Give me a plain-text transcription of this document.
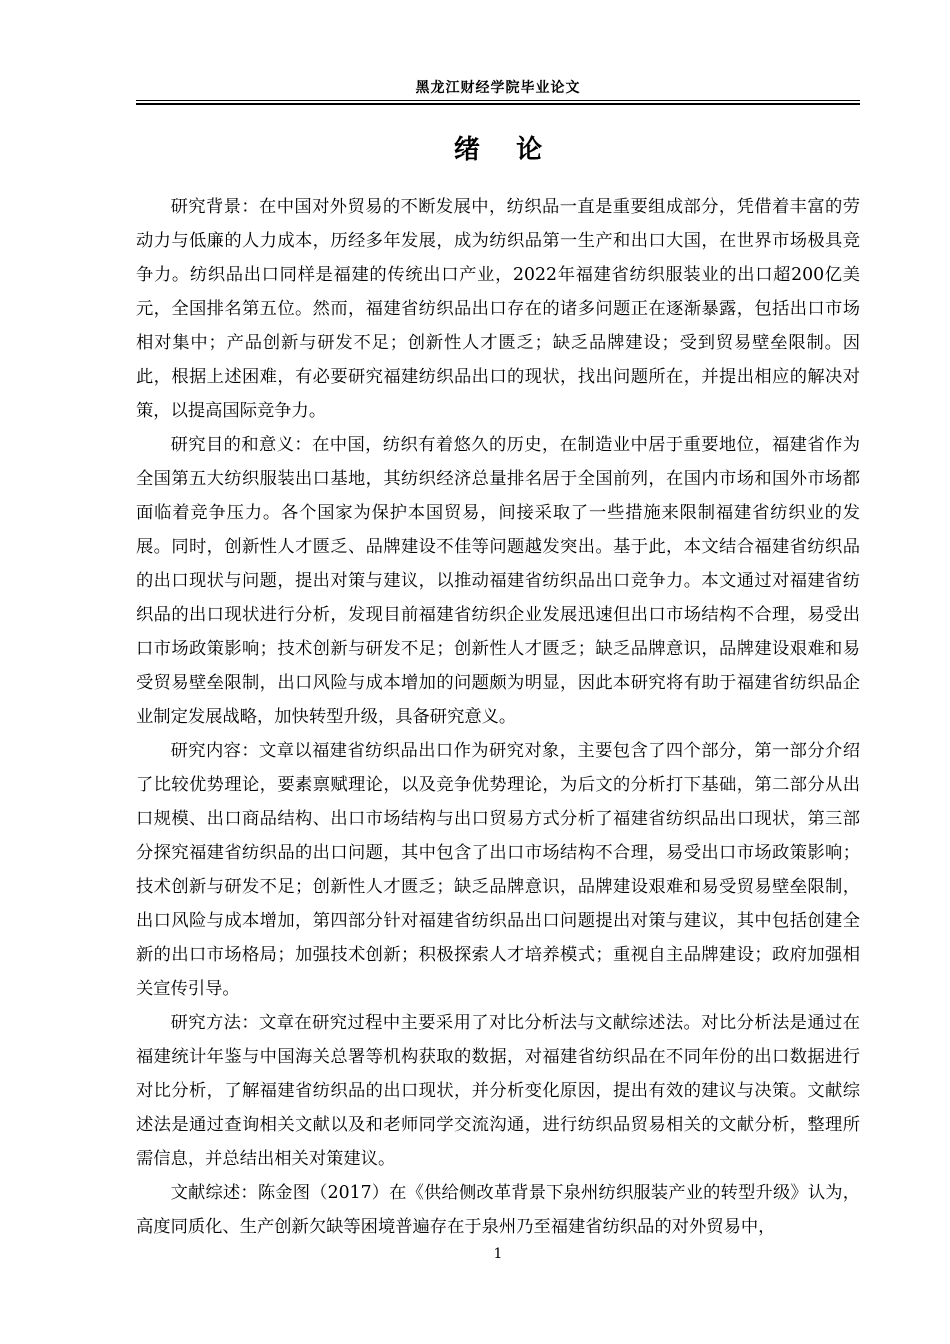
黑龙江财经学院毕业论文
绪    论

研究背景：在中国对外贸易的不断发展中，纺织品一直是重要组成部分，凭借着丰富的劳动力与低廉的人力成本，历经多年发展，成为纺织品第一生产和出口大国，在世界市场极具竞争力。纺织品出口同样是福建的传统出口产业，2022年福建省纺织服装业的出口超200亿美元，全国排名第五位。然而，福建省纺织品出口存在的诸多问题正在逐渐暴露，包括出口市场相对集中；产品创新与研发不足；创新性人才匮乏；缺乏品牌建设；受到贸易壁垒限制。因此，根据上述困难，有必要研究福建纺织品出口的现状，找出问题所在，并提出相应的解决对策，以提高国际竞争力。

研究目的和意义：在中国，纺织有着悠久的历史，在制造业中居于重要地位，福建省作为全国第五大纺织服装出口基地，其纺织经济总量排名居于全国前列，在国内市场和国外市场都面临着竞争压力。各个国家为保护本国贸易，间接采取了一些措施来限制福建省纺织业的发展。同时，创新性人才匮乏、品牌建设不佳等问题越发突出。基于此，本文结合福建省纺织品的出口现状与问题，提出对策与建议，以推动福建省纺织品出口竞争力。本文通过对福建省纺织品的出口现状进行分析，发现目前福建省纺织企业发展迅速但出口市场结构不合理，易受出口市场政策影响；技术创新与研发不足；创新性人才匮乏；缺乏品牌意识，品牌建设艰难和易受贸易壁垒限制，出口风险与成本增加的问题颇为明显，因此本研究将有助于福建省纺织品企业制定发展战略，加快转型升级，具备研究意义。

研究内容：文章以福建省纺织品出口作为研究对象，主要包含了四个部分，第一部分介绍了比较优势理论，要素禀赋理论，以及竞争优势理论，为后文的分析打下基础，第二部分从出口规模、出口商品结构、出口市场结构与出口贸易方式分析了福建省纺织品出口现状，第三部分探究福建省纺织品的出口问题，其中包含了出口市场结构不合理，易受出口市场政策影响；技术创新与研发不足；创新性人才匮乏；缺乏品牌意识，品牌建设艰难和易受贸易壁垒限制，出口风险与成本增加，第四部分针对福建省纺织品出口问题提出对策与建议，其中包括创建全新的出口市场格局；加强技术创新；积极探索人才培养模式；重视自主品牌建设；政府加强相关宣传引导。

研究方法：文章在研究过程中主要采用了对比分析法与文献综述法。对比分析法是通过在福建统计年鉴与中国海关总署等机构获取的数据，对福建省纺织品在不同年份的出口数据进行对比分析，了解福建省纺织品的出口现状，并分析变化原因，提出有效的建议与决策。文献综述法是通过查询相关文献以及和老师同学交流沟通，进行纺织品贸易相关的文献分析，整理所需信息，并总结出相关对策建议。

文献综述：陈金图（2017）在《供给侧改革背景下泉州纺织服装产业的转型升级》认为，高度同质化、生产创新欠缺等困境普遍存在于泉州乃至福建省纺织品的对外贸易中，

1
